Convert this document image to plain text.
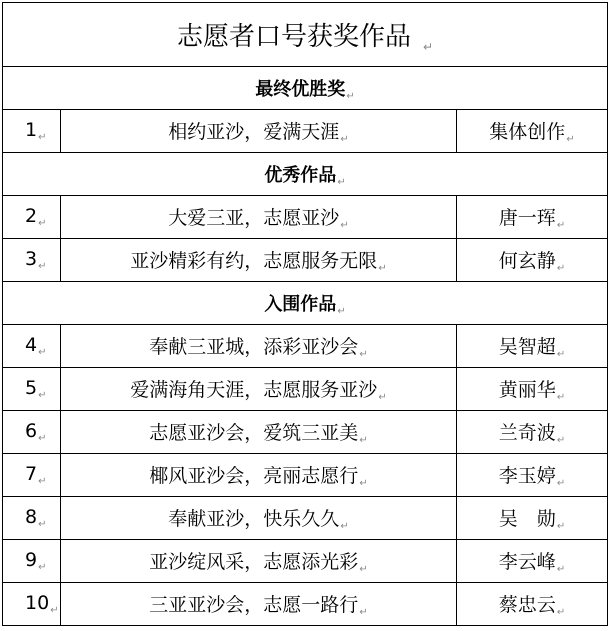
志愿者口号获奖作品 ↵		
最终优胜奖↵		
1↵	相约亚沙，爱满天涯↵	集体创作↵
优秀作品↵		
2↵	大爱三亚，志愿亚沙↵	唐一珲↵
3↵	亚沙精彩有约，志愿服务无限↵	何玄静↵
入围作品↵		
4↵	奉献三亚城，添彩亚沙会↵	吴智超↵
5↵	爱满海角天涯，志愿服务亚沙↵	黄丽华↵
6↵	志愿亚沙会，爱筑三亚美↵	兰奇波↵
7↵	椰风亚沙会，亮丽志愿行↵	李玉婷↵
8↵	奉献亚沙，快乐久久↵	吴　勋↵
9↵	亚沙绽风采，志愿添光彩↵	李云峰↵
10↵	三亚亚沙会，志愿一路行↵	蔡忠云↵
